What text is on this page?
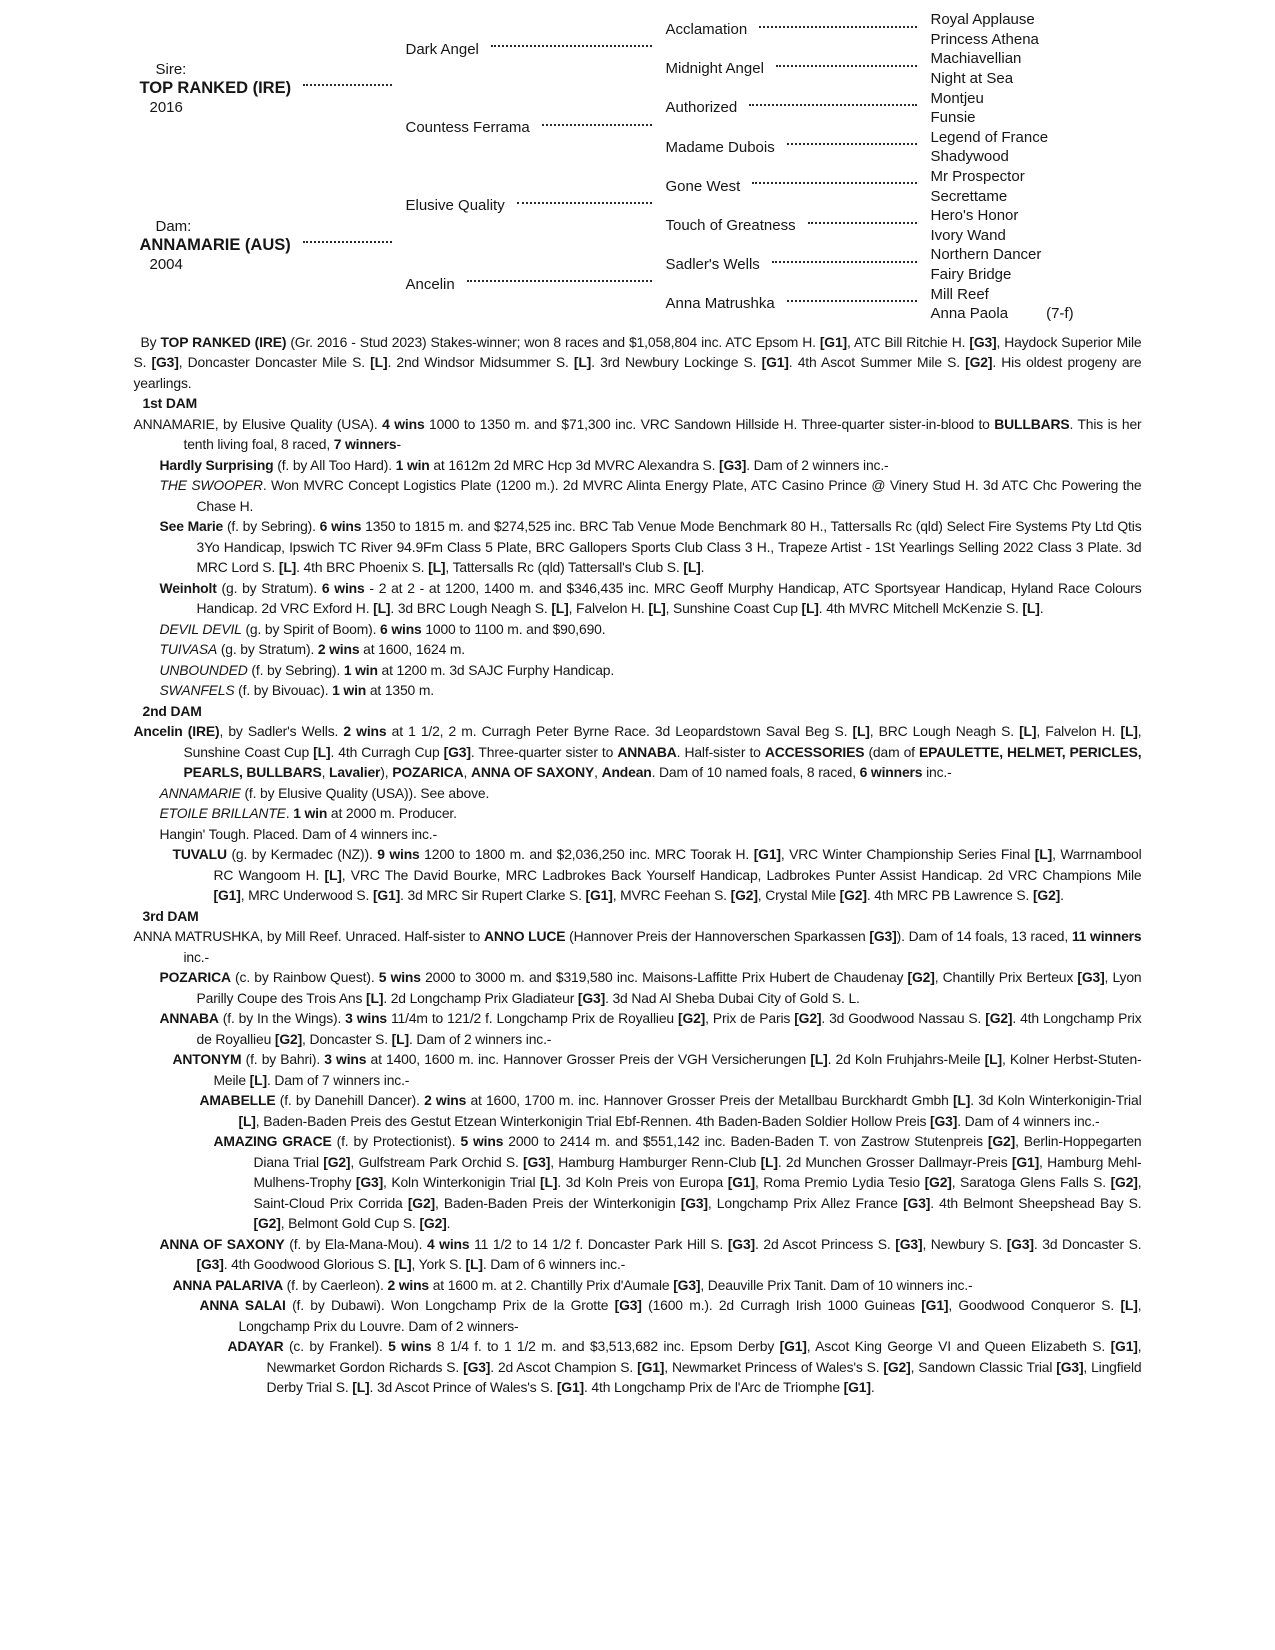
Sire:
TOP RANKED (IRE)
2016
Dam:
ANNAMARIE (AUS)
2004
Dark Angel
Countess Ferrama
Elusive Quality
Ancelin
Acclamation
Midnight Angel
Authorized
Madame Dubois
Gone West
Touch of Greatness
Sadler's Wells
Anna Matrushka
Royal Applause
Princess Athena
Machiavellian
Night at Sea
Montjeu
Funsie
Legend of France
Shadywood
Mr Prospector
Secrettame
Hero's Honor
Ivory Wand
Northern Dancer
Fairy Bridge
Mill Reef
Anna Paola	(7-f)
By TOP RANKED (IRE) (Gr. 2016 - Stud 2023) Stakes-winner; won 8 races and $1,058,804 inc. ATC Epsom H. [G1], ATC Bill Ritchie H. [G3], Haydock Superior Mile S. [G3], Doncaster Doncaster Mile S. [L]. 2nd Windsor Midsummer S. [L]. 3rd Newbury Lockinge S. [G1]. 4th Ascot Summer Mile S. [G2]. His oldest progeny are yearlings.
1st DAM
ANNAMARIE, by Elusive Quality (USA). 4 wins 1000 to 1350 m. and $71,300 inc. VRC Sandown Hillside H. Three-quarter sister-in-blood to BULLBARS. This is her tenth living foal, 8 raced, 7 winners-
Hardly Surprising (f. by All Too Hard). 1 win at 1612m 2d MRC Hcp 3d MVRC Alexandra S. [G3]. Dam of 2 winners inc.-
THE SWOOPER. Won MVRC Concept Logistics Plate (1200 m.). 2d MVRC Alinta Energy Plate, ATC Casino Prince @ Vinery Stud H. 3d ATC Chc Powering the Chase H.
See Marie (f. by Sebring). 6 wins 1350 to 1815 m. and $274,525 inc. BRC Tab Venue Mode Benchmark 80 H., Tattersalls Rc (qld) Select Fire Systems Pty Ltd Qtis 3Yo Handicap, Ipswich TC River 94.9Fm Class 5 Plate, BRC Gallopers Sports Club Class 3 H., Trapeze Artist - 1St Yearlings Selling 2022 Class 3 Plate. 3d MRC Lord S. [L]. 4th BRC Phoenix S. [L], Tattersalls Rc (qld) Tattersall's Club S. [L].
Weinholt (g. by Stratum). 6 wins - 2 at 2 - at 1200, 1400 m. and $346,435 inc. MRC Geoff Murphy Handicap, ATC Sportsyear Handicap, Hyland Race Colours Handicap. 2d VRC Exford H. [L]. 3d BRC Lough Neagh S. [L], Falvelon H. [L], Sunshine Coast Cup [L]. 4th MVRC Mitchell McKenzie S. [L].
DEVIL DEVIL (g. by Spirit of Boom). 6 wins 1000 to 1100 m. and $90,690.
TUIVASA (g. by Stratum). 2 wins at 1600, 1624 m.
UNBOUNDED (f. by Sebring). 1 win at 1200 m. 3d SAJC Furphy Handicap.
SWANFELS (f. by Bivouac). 1 win at 1350 m.
2nd DAM
Ancelin (IRE), by Sadler's Wells. 2 wins at 1 1/2, 2 m. Curragh Peter Byrne Race. 3d Leopardstown Saval Beg S. [L], BRC Lough Neagh S. [L], Falvelon H. [L], Sunshine Coast Cup [L]. 4th Curragh Cup [G3]. Three-quarter sister to ANNABA. Half-sister to ACCESSORIES (dam of EPAULETTE, HELMET, PERICLES, PEARLS, BULLBARS, Lavalier), POZARICA, ANNA OF SAXONY, Andean. Dam of 10 named foals, 8 raced, 6 winners inc.-
ANNAMARIE (f. by Elusive Quality (USA)). See above.
ETOILE BRILLANTE. 1 win at 2000 m. Producer.
Hangin' Tough. Placed. Dam of 4 winners inc.-
TUVALU (g. by Kermadec (NZ)). 9 wins 1200 to 1800 m. and $2,036,250 inc. MRC Toorak H. [G1], VRC Winter Championship Series Final [L], Warrnambool RC Wangoom H. [L], VRC The David Bourke, MRC Ladbrokes Back Yourself Handicap, Ladbrokes Punter Assist Handicap. 2d VRC Champions Mile [G1], MRC Underwood S. [G1]. 3d MRC Sir Rupert Clarke S. [G1], MVRC Feehan S. [G2], Crystal Mile [G2]. 4th MRC PB Lawrence S. [G2].
3rd DAM
ANNA MATRUSHKA, by Mill Reef. Unraced. Half-sister to ANNO LUCE (Hannover Preis der Hannoverschen Sparkassen [G3]). Dam of 14 foals, 13 raced, 11 winners inc.-
POZARICA (c. by Rainbow Quest). 5 wins 2000 to 3000 m. and $319,580 inc. Maisons-Laffitte Prix Hubert de Chaudenay [G2], Chantilly Prix Berteux [G3], Lyon Parilly Coupe des Trois Ans [L]. 2d Longchamp Prix Gladiateur [G3]. 3d Nad Al Sheba Dubai City of Gold S. L.
ANNABA (f. by In the Wings). 3 wins 11/4m to 121/2 f. Longchamp Prix de Royallieu [G2], Prix de Paris [G2]. 3d Goodwood Nassau S. [G2]. 4th Longchamp Prix de Royallieu [G2], Doncaster S. [L]. Dam of 2 winners inc.-
ANTONYM (f. by Bahri). 3 wins at 1400, 1600 m. inc. Hannover Grosser Preis der VGH Versicherungen [L]. 2d Koln Fruhjahrs-Meile [L], Kolner Herbst-Stuten-Meile [L]. Dam of 7 winners inc.-
AMABELLE (f. by Danehill Dancer). 2 wins at 1600, 1700 m. inc. Hannover Grosser Preis der Metallbau Burckhardt Gmbh [L]. 3d Koln Winterkonigin-Trial [L], Baden-Baden Preis des Gestut Etzean Winterkonigin Trial Ebf-Rennen. 4th Baden-Baden Soldier Hollow Preis [G3]. Dam of 4 winners inc.-
AMAZING GRACE (f. by Protectionist). 5 wins 2000 to 2414 m. and $551,142 inc. Baden-Baden T. von Zastrow Stutenpreis [G2], Berlin-Hoppegarten Diana Trial [G2], Gulfstream Park Orchid S. [G3], Hamburg Hamburger Renn-Club [L]. 2d Munchen Grosser Dallmayr-Preis [G1], Hamburg Mehl-Mulhens-Trophy [G3], Koln Winterkonigin Trial [L]. 3d Koln Preis von Europa [G1], Roma Premio Lydia Tesio [G2], Saratoga Glens Falls S. [G2], Saint-Cloud Prix Corrida [G2], Baden-Baden Preis der Winterkonigin [G3], Longchamp Prix Allez France [G3]. 4th Belmont Sheepshead Bay S. [G2], Belmont Gold Cup S. [G2].
ANNA OF SAXONY (f. by Ela-Mana-Mou). 4 wins 11 1/2 to 14 1/2 f. Doncaster Park Hill S. [G3]. 2d Ascot Princess S. [G3], Newbury S. [G3]. 3d Doncaster S. [G3]. 4th Goodwood Glorious S. [L], York S. [L]. Dam of 6 winners inc.-
ANNA PALARIVA (f. by Caerleon). 2 wins at 1600 m. at 2. Chantilly Prix d'Aumale [G3], Deauville Prix Tanit. Dam of 10 winners inc.-
ANNA SALAI (f. by Dubawi). Won Longchamp Prix de la Grotte [G3] (1600 m.). 2d Curragh Irish 1000 Guineas [G1], Goodwood Conqueror S. [L], Longchamp Prix du Louvre. Dam of 2 winners-
ADAYAR (c. by Frankel). 5 wins 8 1/4 f. to 1 1/2 m. and $3,513,682 inc. Epsom Derby [G1], Ascot King George VI and Queen Elizabeth S. [G1], Newmarket Gordon Richards S. [G3]. 2d Ascot Champion S. [G1], Newmarket Princess of Wales's S. [G2], Sandown Classic Trial [G3], Lingfield Derby Trial S. [L]. 3d Ascot Prince of Wales's S. [G1]. 4th Longchamp Prix de l'Arc de Triomphe [G1].
